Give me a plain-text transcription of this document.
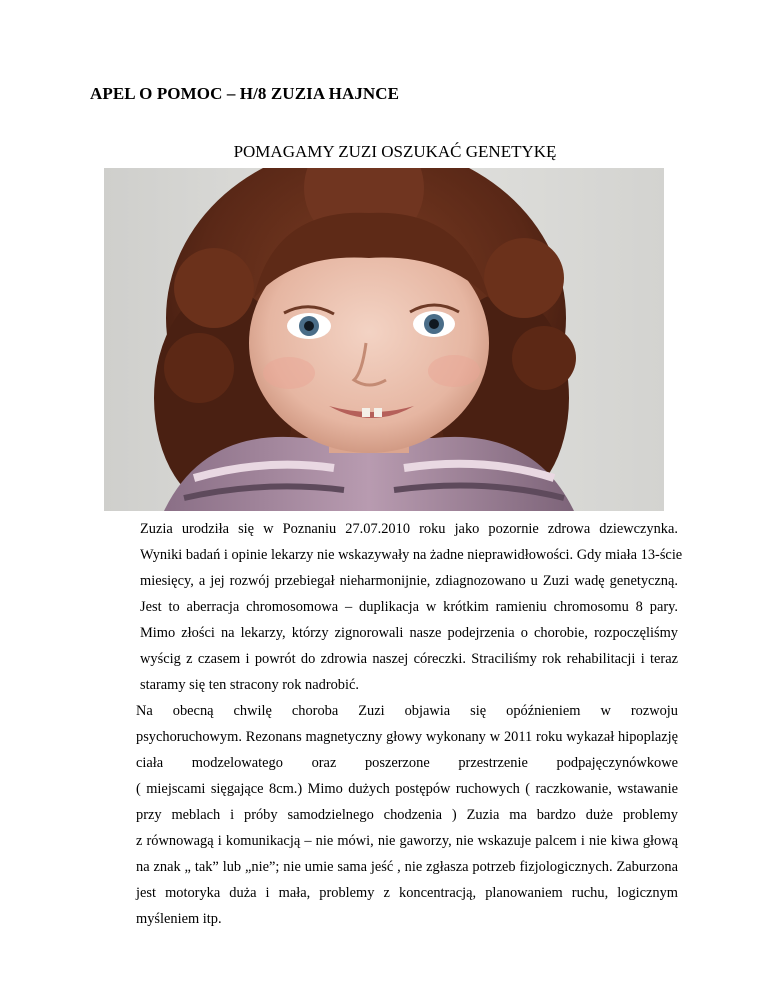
APEL O POMOC – H/8 ZUZIA HAJNCE
POMAGAMY ZUZI OSZUKAĆ GENETYKĘ
Zuzia urodziła się w Poznaniu 27.07.2010 roku jako pozornie zdrowa dziewczynka.
Wyniki badań i opinie lekarzy nie wskazywały na żadne nieprawidłowości. Gdy miała 13-ście
miesięcy, a jej rozwój przebiegał nieharmonijnie, zdiagnozowano u Zuzi wadę genetyczną.
Jest to aberracja chromosomowa – duplikacja w krótkim ramieniu chromosomu 8 pary.
Mimo złości na lekarzy, którzy zignorowali nasze podejrzenia o chorobie, rozpoczęliśmy
wyścig z czasem i powrót do zdrowia naszej córeczki. Straciliśmy rok rehabilitacji i teraz
staramy się ten stracony rok nadrobić.
Na obecną chwilę choroba Zuzi objawia się opóźnieniem w rozwoju
psychoruchowym. Rezonans magnetyczny głowy wykonany w 2011 roku wykazał hipoplazję
ciała modzelowatego oraz poszerzone przestrzenie podpajęczynówkowe
( miejscami sięgające 8cm.) Mimo dużych postępów ruchowych ( raczkowanie, wstawanie
przy meblach i próby samodzielnego chodzenia ) Zuzia ma bardzo duże problemy
z równowagą i komunikacją – nie mówi, nie gaworzy, nie wskazuje palcem i nie kiwa głową
na znak „ tak” lub „nie”; nie umie sama jeść , nie zgłasza potrzeb fizjologicznych. Zaburzona
jest motoryka duża i mała, problemy z koncentracją, planowaniem ruchu, logicznym
myśleniem itp.
